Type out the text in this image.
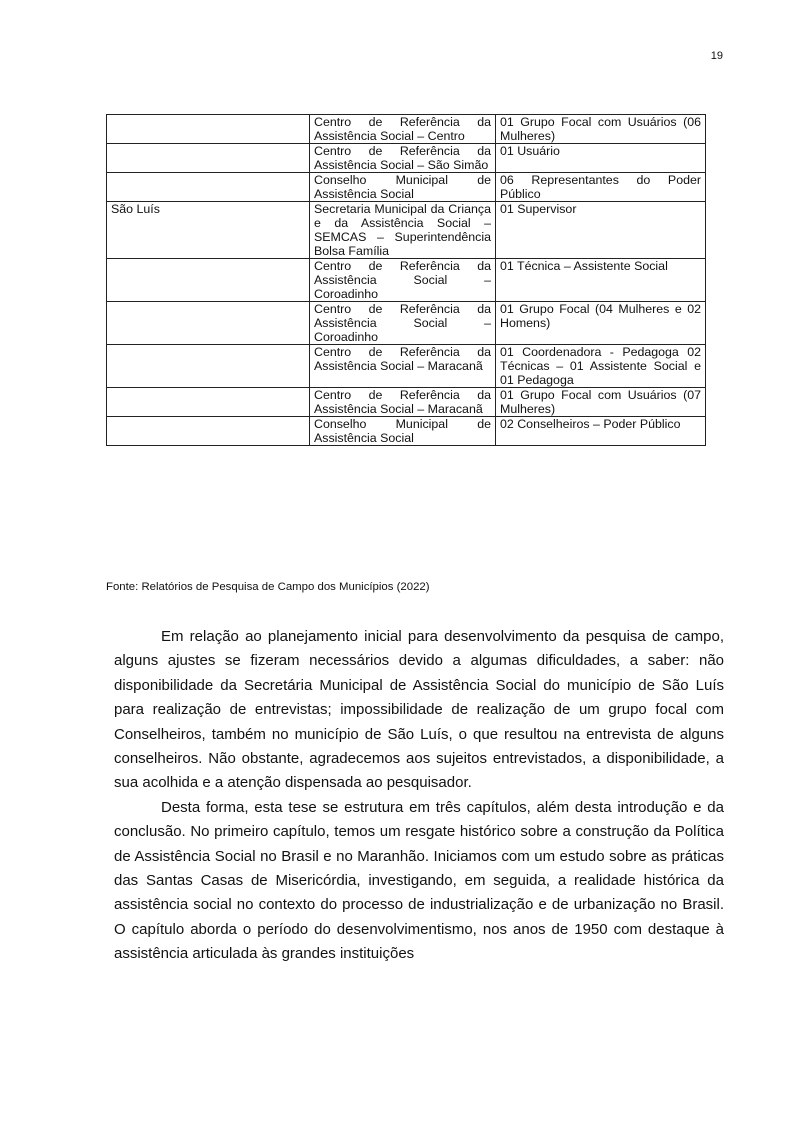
19
	Centro de Referência da Assistência Social – Centro	01 Grupo Focal com Usuários (06 Mulheres)
	Centro de Referência da Assistência Social – São Simão	01 Usuário
	Conselho Municipal de Assistência Social	06 Representantes do Poder Público
São Luís	Secretaria Municipal da Criança e da Assistência Social – SEMCAS – Superintendência Bolsa Família	01 Supervisor
	Centro de Referência da Assistência Social – Coroadinho	01 Técnica – Assistente Social
	Centro de Referência da Assistência Social – Coroadinho	01 Grupo Focal (04 Mulheres e 02 Homens)
	Centro de Referência da Assistência Social – Maracanã	01 Coordenadora - Pedagoga 02 Técnicas – 01 Assistente Social e 01 Pedagoga
	Centro de Referência da Assistência Social – Maracanã	01 Grupo Focal com Usuários (07 Mulheres)
	Conselho Municipal de Assistência Social	02 Conselheiros – Poder Público
Fonte: Relatórios de Pesquisa de Campo dos Municípios (2022)

Em relação ao planejamento inicial para desenvolvimento da pesquisa de campo, alguns ajustes se fizeram necessários devido a algumas dificuldades, a saber: não disponibilidade da Secretária Municipal de Assistência Social do município de São Luís para realização de entrevistas; impossibilidade de realização de um grupo focal com Conselheiros, também no município de São Luís, o que resultou na entrevista de alguns conselheiros. Não obstante, agradecemos aos sujeitos entrevistados, a disponibilidade, a sua acolhida e a atenção dispensada ao pesquisador.

Desta forma, esta tese se estrutura em três capítulos, além desta introdução e da conclusão. No primeiro capítulo, temos um resgate histórico sobre a construção da Política de Assistência Social no Brasil e no Maranhão. Iniciamos com um estudo sobre as práticas das Santas Casas de Misericórdia, investigando, em seguida, a realidade histórica da assistência social no contexto do processo de industrialização e de urbanização no Brasil. O capítulo aborda o período do desenvolvimentismo, nos anos de 1950 com destaque à assistência articulada às grandes instituições
